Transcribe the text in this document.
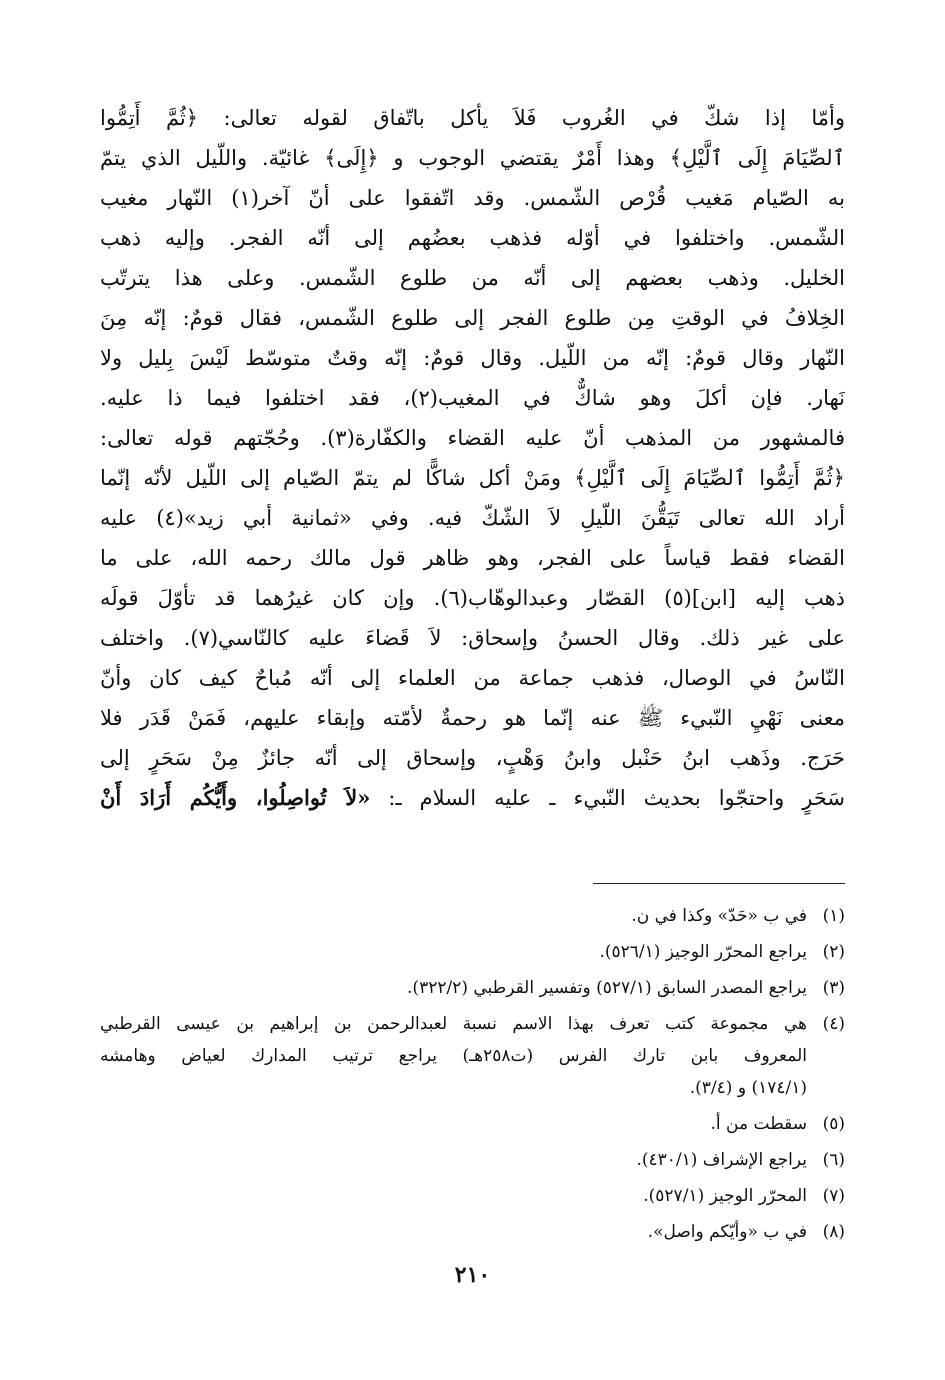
وأمّا إذا شكّ في الغُروب فَلاَ يأكل باتّفاق لقوله تعالى: ﴿ثُمَّ أَتِمُّوا
ٱلصِّيَامَ إِلَى ٱلَّيْلِ﴾ وهذا أَمْرٌ يقتضي الوجوب و ﴿إِلَى﴾ غائيّة. واللّيل الذي يتمّ
به الصّيام مَغيب قُرْص الشّمس. وقد اتّفقوا على أنّ آخر(١) النّهار مغيب
الشّمس. واختلفوا في أوّله فذهب بعضُهم إلى أنّه الفجر. وإليه ذهب
الخليل. وذهب بعضهم إلى أنّه من طلوع الشّمس. وعلى هذا يترتّب
الخِلافُ في الوقتِ مِن طلوع الفجر إلى طلوع الشّمس، فقال قومٌ: إنّه مِنَ
النّهار وقال قومٌ: إنّه من اللّيل. وقال قومٌ: إنّه وقتٌ متوسّط لَيْسَ بِليل ولا
نَهار. فإن أكلَ وهو شاكٌّ في المغيب(٢)، فقد اختلفوا فيما ذا عليه.
فالمشهور من المذهب أنّ عليه القضاء والكفّارة(٣). وحُجّتهم قوله تعالى:
﴿ثُمَّ أَتِمُّوا ٱلصِّيَامَ إِلَى ٱلَّيْلِ﴾ ومَنْ أكل شاكًّا لم يتمّ الصّيام إلى اللّيل لأنّه إنّما
أراد الله تعالى تَيَقُّنَ اللّيلِ لاَ الشّكّ فيه. وفي «ثمانية أبي زيد»(٤) عليه
القضاء فقط قياساً على الفجر، وهو ظاهر قول مالك رحمه الله، على ما
ذهب إليه [ابن](٥) القصّار وعبدالوهّاب(٦). وإن كان غيرُهما قد تأوّلَ قولَه
على غير ذلك. وقال الحسنُ وإسحاق: لاَ قَضاءَ عليه كالنّاسي(٧). واختلف
النّاسُ في الوصال، فذهب جماعة من العلماء إلى أنّه مُباحٌ كيف كان وأنّ
معنى نَهْيِ النّبيء ﷺ عنه إنّما هو رحمةٌ لأمّته وإبقاء عليهم، فَمَنْ قَدَر فلا
حَرَج. وذَهب ابنُ حَنْبل وابنُ وَهْبٍ، وإسحاق إلى أنّه جائزٌ مِنْ سَحَرٍ إلى
سَحَرٍ واحتجّوا بحديث النّبيء ـ عليه السلام ـ: «لاَ تُواصِلُوا، وأَيُّكُم أَرَادَ أَنْ
(١)
في ب «حَدّ» وكذا في ن.
(٢)
يراجع المحرّر الوجيز (٥٢٦/١).
(٣)
يراجع المصدر السابق (٥٢٧/١) وتفسير القرطبي (٣٢٢/٢).
(٤)
هي مجموعة كتب تعرف بهذا الاسم نسبة لعبدالرحمن بن إبراهيم بن عيسى القرطبي
المعروف بابن تارك الفرس (ت٢٥٨هـ) يراجع ترتيب المدارك لعياض وهامشه
(١٧٤/١) و (٣/٤).
(٥)
سقطت من أ.
(٦)
يراجع الإشراف (٤٣٠/١).
(٧)
المحرّر الوجيز (٥٢٧/١).
(٨)
في ب «وأيّكم واصل».
٢١٠
